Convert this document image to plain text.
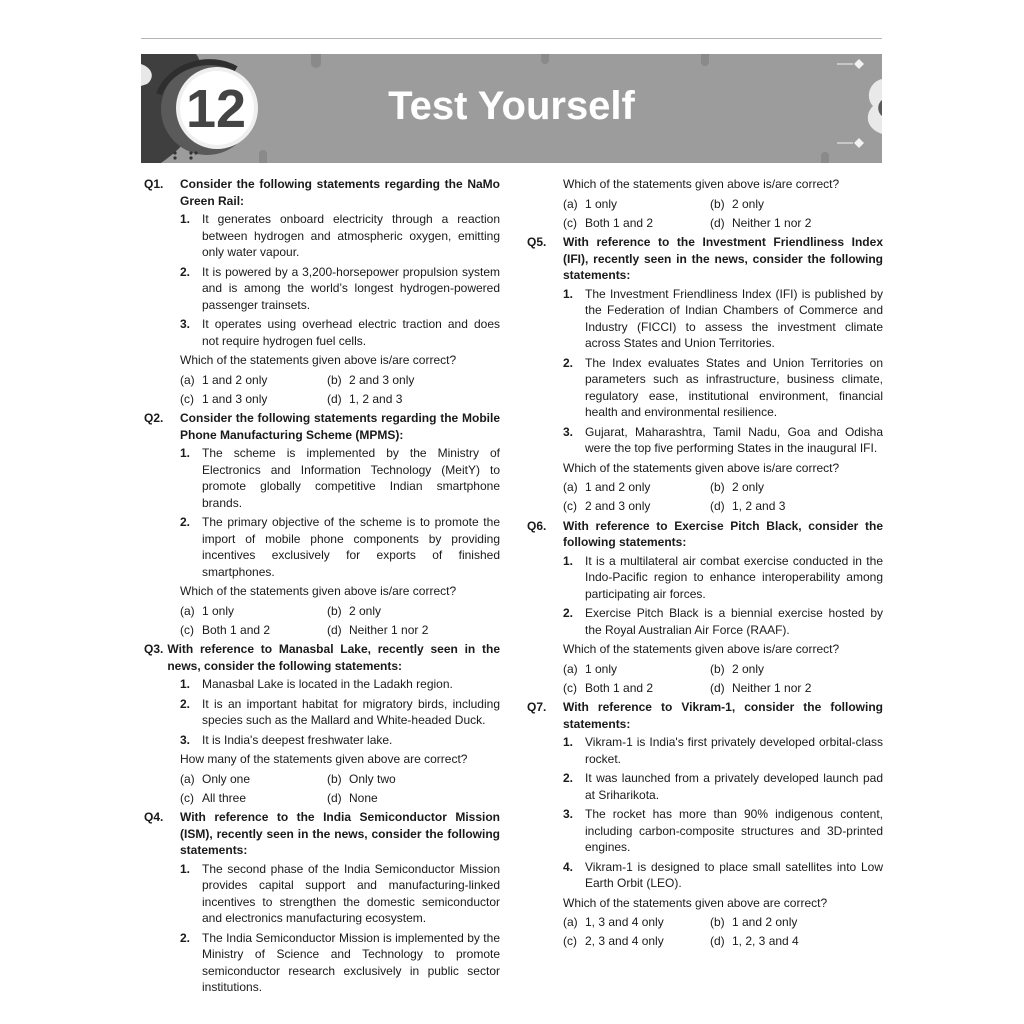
12	Test Yourself
Q1.	Consider the following statements regarding the NaMo Green Rail:
1. It generates onboard electricity through a reaction between hydrogen and atmospheric oxygen, emitting only water vapour.
2. It is powered by a 3,200-horsepower propulsion system and is among the world’s longest hydrogen-powered passenger trainsets.
3. It operates using overhead electric traction and does not require hydrogen fuel cells.
Which of the statements given above is/are correct?
(a) 1 and 2 only	(b) 2 and 3 only
(c) 1 and 3 only	(d) 1, 2 and 3
Q2.	Consider the following statements regarding the Mobile Phone Manufacturing Scheme (MPMS):
1. The scheme is implemented by the Ministry of Electronics and Information Technology (MeitY) to promote globally competitive Indian smartphone brands.
2. The primary objective of the scheme is to promote the import of mobile phone components by providing incentives exclusively for exports of finished smartphones.
Which of the statements given above is/are correct?
(a) 1 only	(b) 2 only
(c) Both 1 and 2	(d) Neither 1 nor 2
Q3. With reference to Manasbal Lake, recently seen in the news, consider the following statements:
1. Manasbal Lake is located in the Ladakh region.
2. It is an important habitat for migratory birds, including species such as the Mallard and White-headed Duck.
3. It is India's deepest freshwater lake.
How many of the statements given above are correct?
(a) Only one	(b) Only two
(c) All three	(d) None
Q4.	With reference to the India Semiconductor Mission (ISM), recently seen in the news, consider the following statements:
1. The second phase of the India Semiconductor Mission provides capital support and manufacturing-linked incentives to strengthen the domestic semiconductor and electronics manufacturing ecosystem.
2. The India Semiconductor Mission is implemented by the Ministry of Science and Technology to promote semiconductor research exclusively in public sector institutions.
Which of the statements given above is/are correct?
(a) 1 only	(b) 2 only
(c) Both 1 and 2	(d) Neither 1 nor 2
Q5.	With reference to the Investment Friendliness Index (IFI), recently seen in the news, consider the following statements:
1. The Investment Friendliness Index (IFI) is published by the Federation of Indian Chambers of Commerce and Industry (FICCI) to assess the investment climate across States and Union Territories.
2. The Index evaluates States and Union Territories on parameters such as infrastructure, business climate, regulatory ease, institutional environment, financial health and environmental resilience.
3. Gujarat, Maharashtra, Tamil Nadu, Goa and Odisha were the top five performing States in the inaugural IFI.
Which of the statements given above is/are correct?
(a) 1 and 2 only	(b) 2 only
(c) 2 and 3 only	(d) 1, 2 and 3
Q6.	With reference to Exercise Pitch Black, consider the following statements:
1. It is a multilateral air combat exercise conducted in the Indo-Pacific region to enhance interoperability among participating air forces.
2. Exercise Pitch Black is a biennial exercise hosted by the Royal Australian Air Force (RAAF).
Which of the statements given above is/are correct?
(a) 1 only	(b) 2 only
(c) Both 1 and 2	(d) Neither 1 nor 2
Q7.	With reference to Vikram-1, consider the following statements:
1. Vikram-1 is India's first privately developed orbital-class rocket.
2. It was launched from a privately developed launch pad at Sriharikota.
3. The rocket has more than 90% indigenous content, including carbon-composite structures and 3D-printed engines.
4. Vikram-1 is designed to place small satellites into Low Earth Orbit (LEO).
Which of the statements given above are correct?
(a) 1, 3 and 4 only	(b) 1 and 2 only
(c) 2, 3 and 4 only	(d) 1, 2, 3 and 4
